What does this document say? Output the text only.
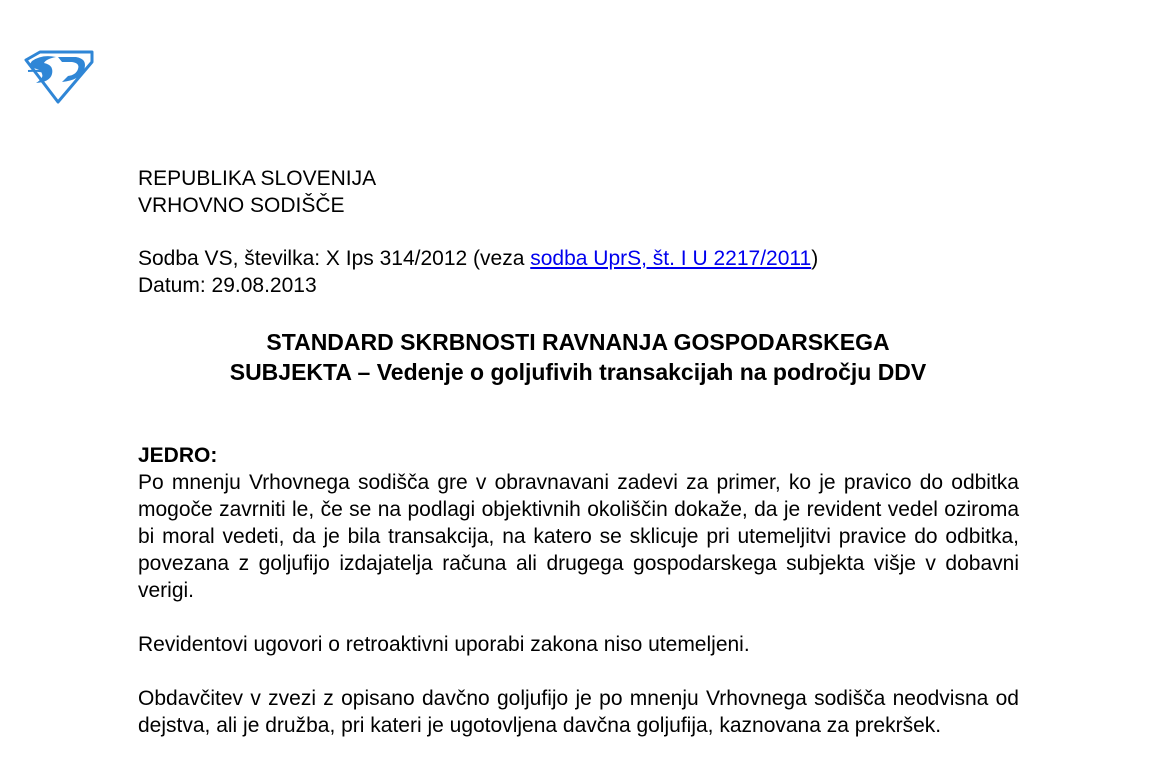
REPUBLIKA SLOVENIJA
VRHOVNO SODIŠČE
Sodba VS, številka: X Ips 314/2012 (veza sodba UprS, št. I U 2217/2011)
Datum: 29.08.2013
STANDARD SKRBNOSTI RAVNANJA GOSPODARSKEGA
SUBJEKTA – Vedenje o goljufivih transakcijah na področju DDV
JEDRO:

Po mnenju Vrhovnega sodišča gre v obravnavani zadevi za primer, ko je pravico do odbitka mogoče zavrniti le, če se na podlagi objektivnih okoliščin dokaže, da je revident vedel oziroma bi moral vedeti, da je bila transakcija, na katero se sklicuje pri utemeljitvi pravice do odbitka, povezana z goljufijo izdajatelja računa ali drugega gospodarskega subjekta višje v dobavni verigi.

Revidentovi ugovori o retroaktivni uporabi zakona niso utemeljeni.

Obdavčitev v zvezi z opisano davčno goljufijo je po mnenju Vrhovnega sodišča neodvisna od dejstva, ali je družba, pri kateri je ugotovljena davčna goljufija, kaznovana za prekršek.
